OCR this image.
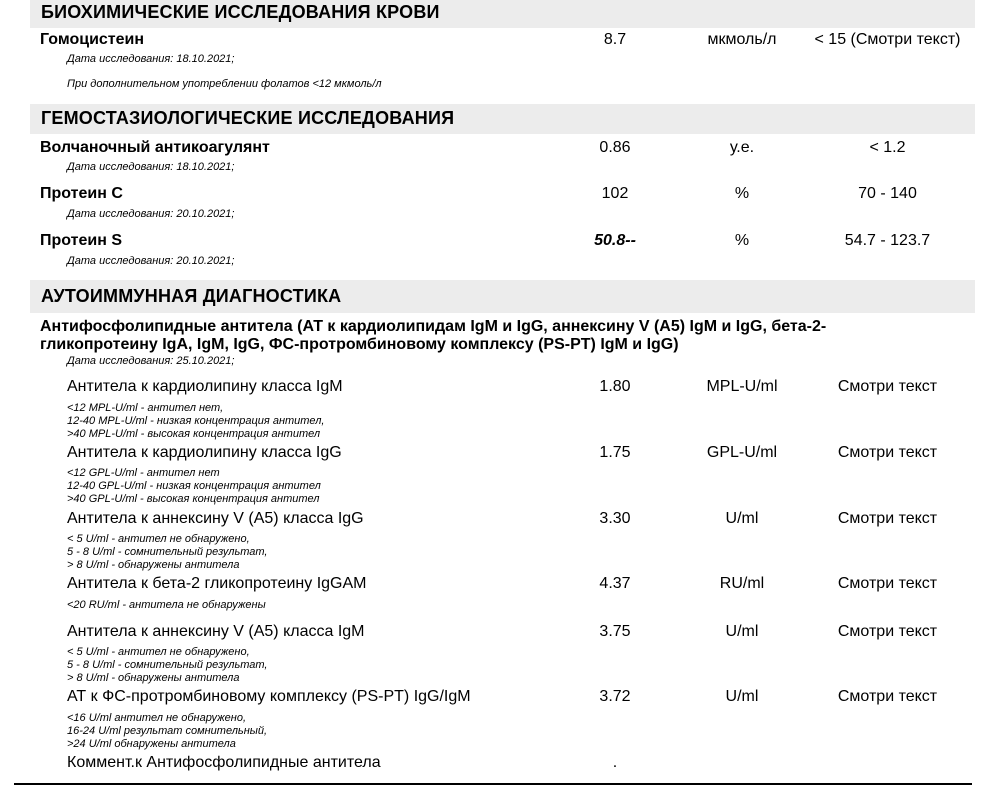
БИОХИМИЧЕСКИЕ ИССЛЕДОВАНИЯ КРОВИ
Гомоцистеин	8.7	мкмоль/л	< 15 (Смотри текст)
Дата исследования: 18.10.2021;
При дополнительном употреблении фолатов <12 мкмоль/л
ГЕМОСТАЗИОЛОГИЧЕСКИЕ ИССЛЕДОВАНИЯ
Волчаночный антикоагулянт	0.86	у.е.	< 1.2
Дата исследования: 18.10.2021;
Протеин С	102	%	70 - 140
Дата исследования: 20.10.2021;
Протеин S	50.8--	%	54.7 - 123.7
Дата исследования: 20.10.2021;
АУТОИММУННАЯ ДИАГНОСТИКА
Антифосфолипидные антитела (АТ к кардиолипидам IgM и IgG, аннексину V (А5) IgM и IgG, бета-2-гликопротеину IgA, IgM, IgG, ФС-протромбиновому комплексу (PS-PT) IgM и IgG)
Дата исследования: 25.10.2021;
Антитела к кардиолипину класса IgM	1.80	MPL-U/ml	Смотри текст
<12 MPL-U/ml - антител нет,
12-40 MPL-U/ml - низкая концентрация антител,
>40 MPL-U/ml - высокая концентрация антител
Антитела к кардиолипину класса IgG	1.75	GPL-U/ml	Смотри текст
<12 GPL-U/ml - антител нет
12-40 GPL-U/ml - низкая концентрация антител
>40 GPL-U/ml - высокая концентрация антител
Антитела к аннексину V (А5) класса IgG	3.30	U/ml	Смотри текст
< 5 U/ml - антител не обнаружено,
5 - 8 U/ml - сомнительный результат,
> 8 U/ml - обнаружены антитела
Антитела к бета-2 гликопротеину IgGAM	4.37	RU/ml	Смотри текст
<20 RU/ml - антитела не обнаружены
Антитела к аннексину V (А5) класса IgM	3.75	U/ml	Смотри текст
< 5 U/ml - антител не обнаружено,
5 - 8 U/ml - сомнительный результат,
> 8 U/ml - обнаружены антитела
АТ к ФС-протромбиновому комплексу (PS-PT) IgG/IgM	3.72	U/ml	Смотри текст
<16 U/ml антител не обнаружено,
16-24 U/ml результат сомнительный,
>24 U/ml обнаружены антитела
Коммент.к Антифосфолипидные антитела	.
